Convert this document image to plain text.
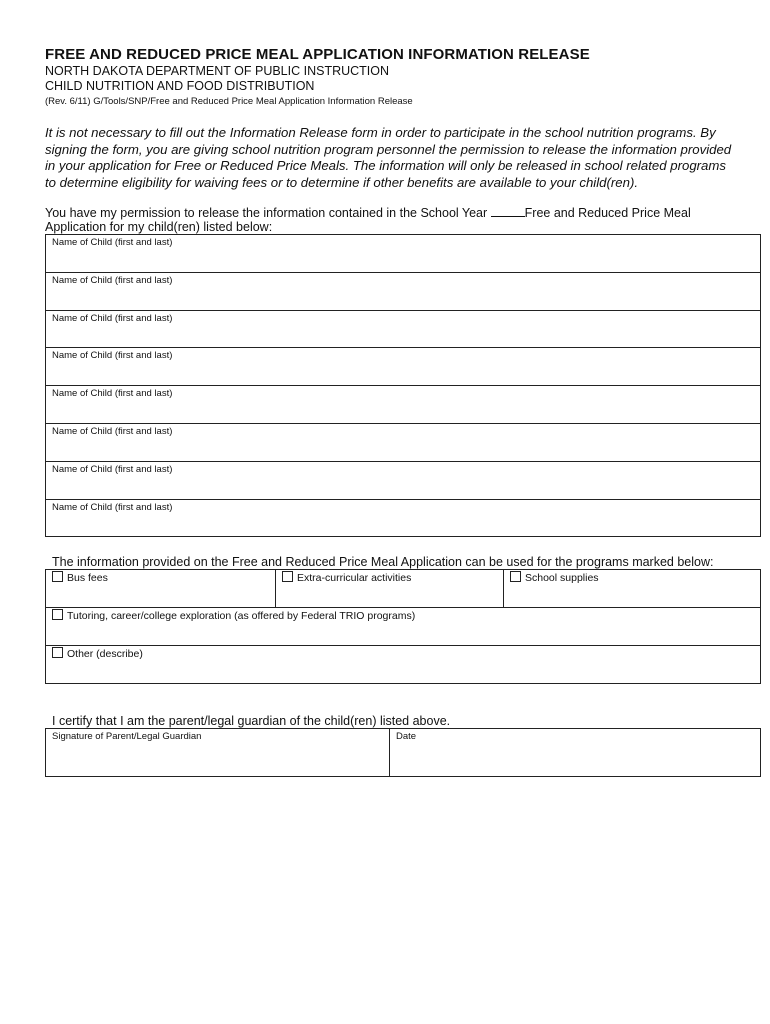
FREE AND REDUCED PRICE MEAL APPLICATION INFORMATION RELEASE

NORTH DAKOTA DEPARTMENT OF PUBLIC INSTRUCTION

CHILD NUTRITION AND FOOD DISTRIBUTION

(Rev. 6/11) G/Tools/SNP/Free and Reduced Price Meal Application Information Release

It is not necessary to fill out the Information Release form in order to participate in the school nutrition programs. By signing the form, you are giving school nutrition program personnel the permission to release the information provided in your application for Free or Reduced Price Meals. The information will only be released in school related programs to determine eligibility for waiving fees or to determine if other benefits are available to your child(ren).

You have my permission to release the information contained in the School Year	Free and Reduced Price Meal Application for my child(ren) listed below:

Name of Child (first and last)
Name of Child (first and last)
Name of Child (first and last)
Name of Child (first and last)
Name of Child (first and last)
Name of Child (first and last)
Name of Child (first and last)
Name of Child (first and last)

The information provided on the Free and Reduced Price Meal Application can be used for the programs marked below:

Bus fees	Extra-curricular activities	School supplies
Tutoring, career/college exploration (as offered by Federal TRIO programs)
Other (describe)

I certify that I am the parent/legal guardian of the child(ren) listed above.

Signature of Parent/Legal Guardian	Date
